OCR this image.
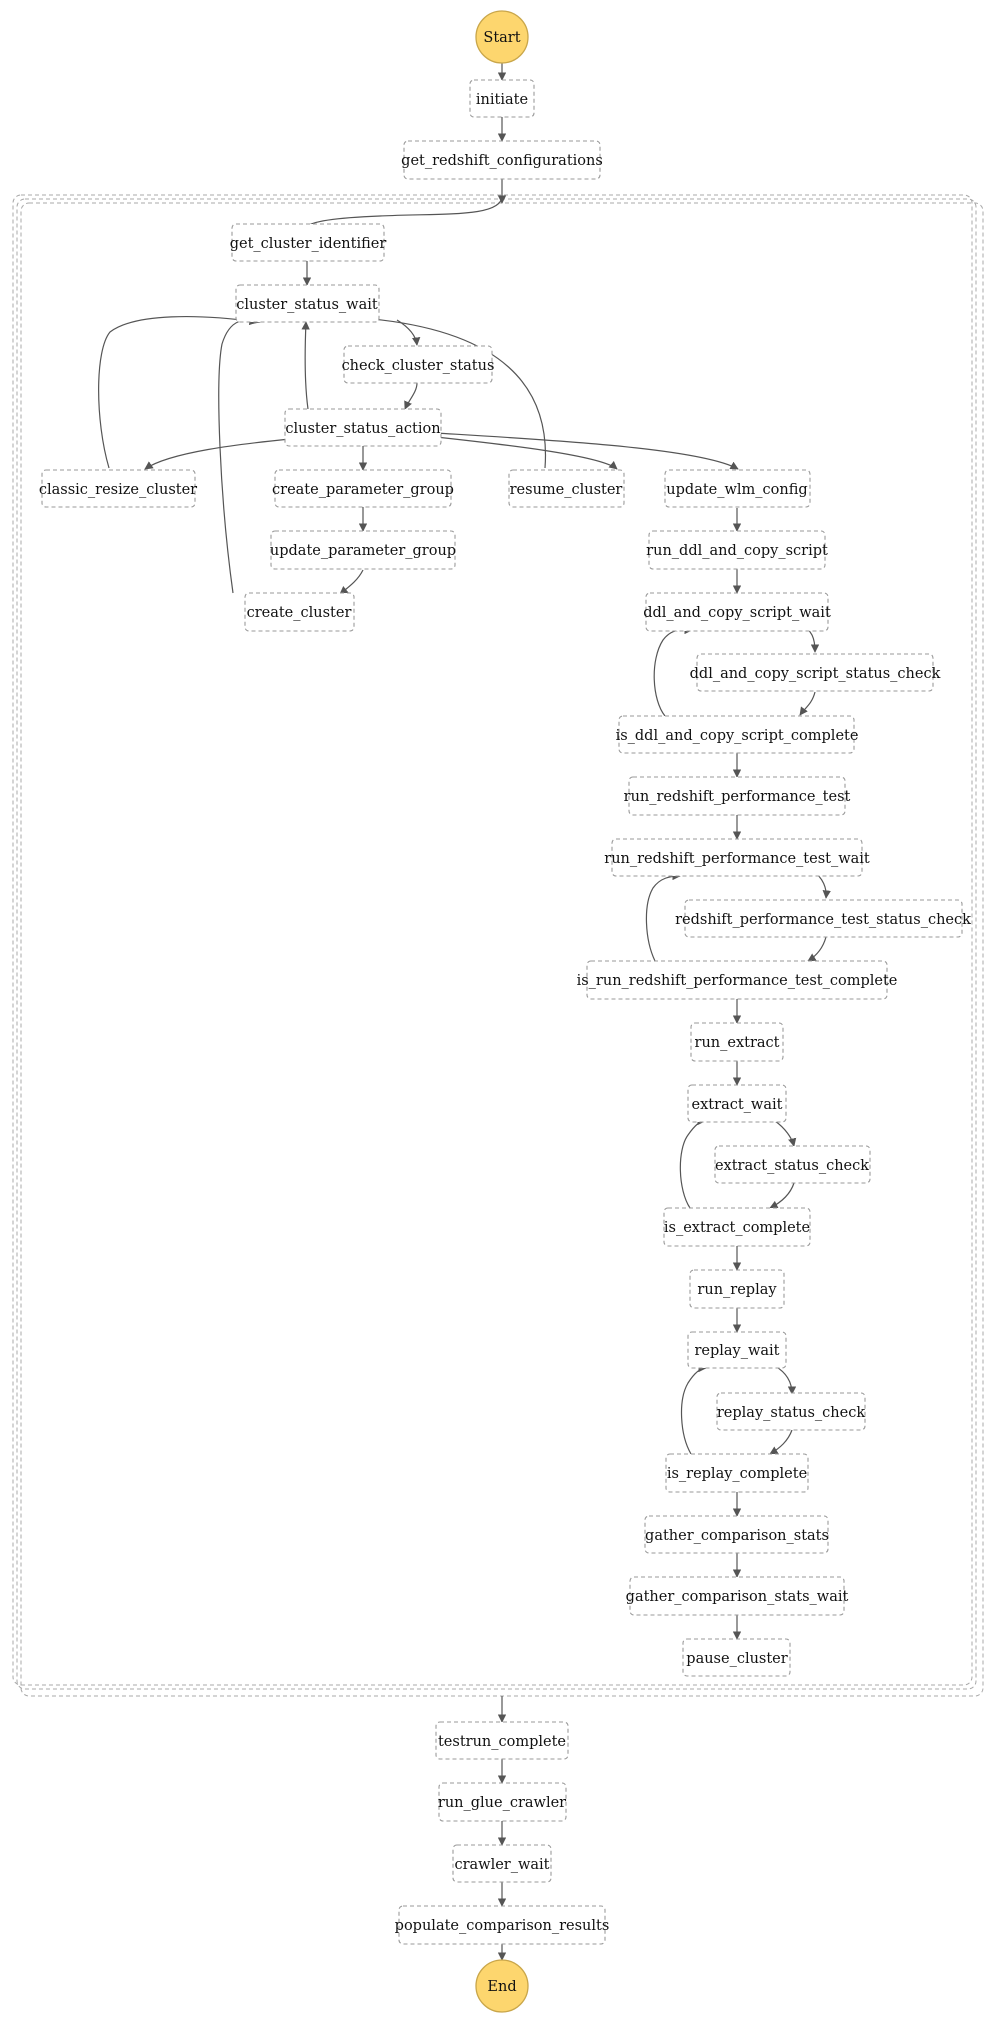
Start
End
initiate
get_redshift_configurations
get_cluster_identifier
cluster_status_wait
check_cluster_status
cluster_status_action
classic_resize_cluster	create_parameter_group	resume_cluster	update_wlm_config
update_parameter_group
create_cluster
run_ddl_and_copy_script
ddl_and_copy_script_wait
ddl_and_copy_script_status_check
is_ddl_and_copy_script_complete
run_redshift_performance_test
run_redshift_performance_test_wait
redshift_performance_test_status_check
is_run_redshift_performance_test_complete
run_extract
extract_wait
extract_status_check
is_extract_complete
run_replay
replay_wait
replay_status_check
is_replay_complete
gather_comparison_stats
gather_comparison_stats_wait
pause_cluster
testrun_complete
run_glue_crawler
crawler_wait
populate_comparison_results
